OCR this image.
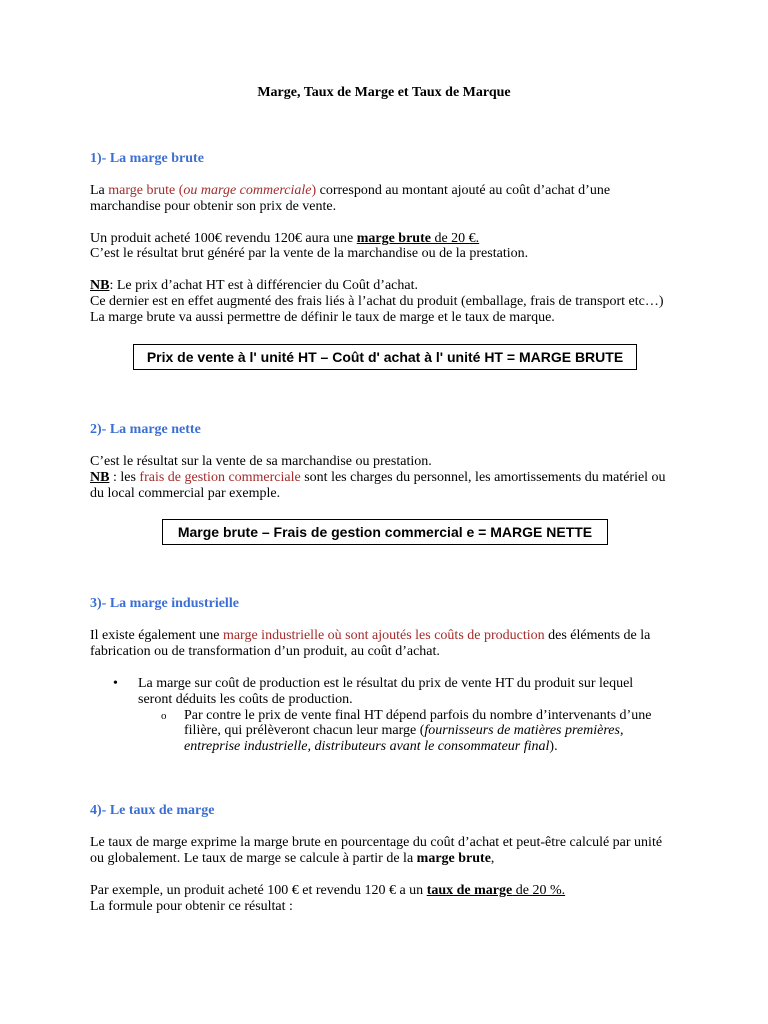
Marge, Taux de Marge et Taux de Marque
1)- La marge brute
La marge brute (ou marge commerciale) correspond au montant ajouté au coût d’achat d’une
marchandise pour obtenir son prix de vente.
Un produit acheté 100€ revendu 120€ aura une marge brute de 20 €.
C’est le résultat brut généré par la vente de la marchandise ou de la prestation.
NB: Le prix d’achat HT est à différencier du Coût d’achat.
Ce dernier est en effet augmenté des frais liés à l’achat du produit (emballage, frais de transport etc…)
La marge brute va aussi permettre de définir le taux de marge et le taux de marque.
Prix de vente à l' unité HT – Coût d' achat à l' unité HT = MARGE BRUTE
2)- La marge nette
C’est le résultat sur la vente de sa marchandise ou prestation.
NB : les frais de gestion commerciale sont les charges du personnel, les amortissements du matériel ou
du local commercial par exemple.
Marge brute – Frais de gestion commercial e = MARGE NETTE
3)- La marge industrielle
Il existe également une marge industrielle où sont ajoutés les coûts de production des éléments de la
fabrication ou de transformation d’un produit, au coût d’achat.
• La marge sur coût de production est le résultat du prix de vente HT du produit sur lequel
seront déduits les coûts de production.
o Par contre le prix de vente final HT dépend parfois du nombre d’intervenants d’une
filière, qui prélèveront chacun leur marge (fournisseurs de matières premières,
entreprise industrielle, distributeurs avant le consommateur final).
4)- Le taux de marge
Le taux de marge exprime la marge brute en pourcentage du coût d’achat et peut-être calculé par unité
ou globalement. Le taux de marge se calcule à partir de la marge brute,
Par exemple, un produit acheté 100 € et revendu 120 € a un taux de marge de 20 %.
La formule pour obtenir ce résultat :
